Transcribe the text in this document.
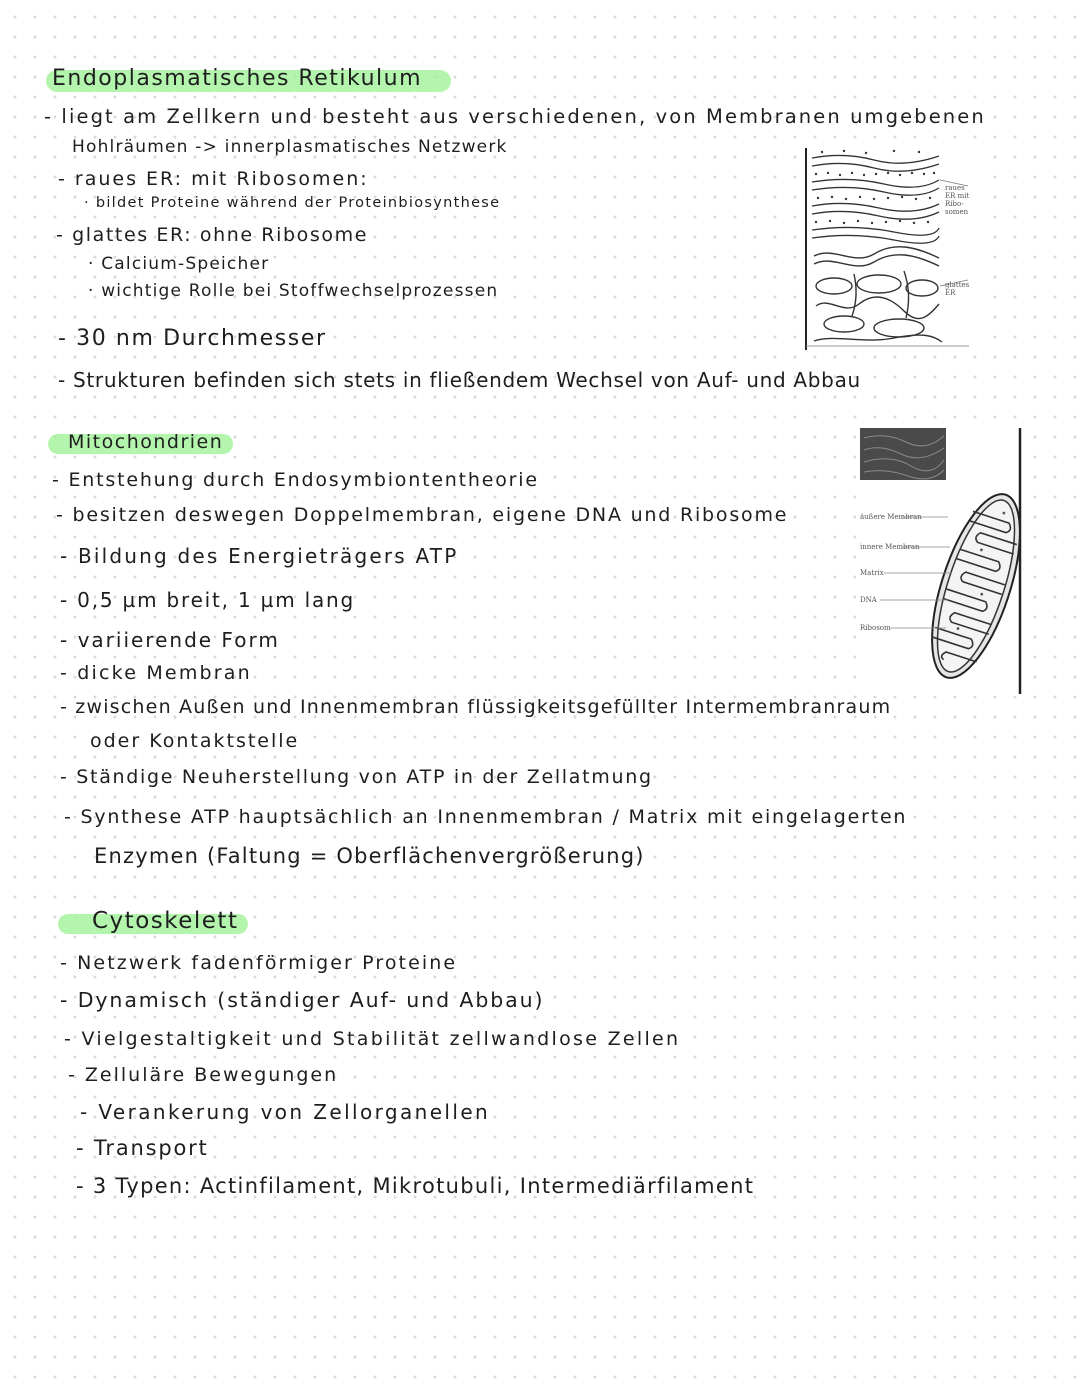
Endoplasmatisches Retikulum
- liegt am Zellkern und besteht aus verschiedenen, von Membranen umgebenen
Hohlräumen -> innerplasmatisches Netzwerk
- raues ER: mit Ribosomen:
· bildet Proteine während der Proteinbiosynthese
- glattes ER: ohne Ribosome
· Calcium-Speicher
· wichtige Rolle bei Stoffwechselprozessen
- 30 nm Durchmesser
- Strukturen befinden sich stets in fließendem Wechsel von Auf- und Abbau
raues
ER mit
Ribo-
somen
glattes
ER
Mitochondrien
- Entstehung durch Endosymbiontentheorie
- besitzen deswegen Doppelmembran, eigene DNA und Ribosome
- Bildung des Energieträgers ATP
- 0,5 µm breit, 1 µm lang
- variierende Form
- dicke Membran
- zwischen Außen und Innenmembran flüssigkeitsgefüllter Intermembranraum
oder Kontaktstelle
- Ständige Neuherstellung von ATP in der Zellatmung
- Synthese ATP hauptsächlich an Innenmembran / Matrix mit eingelagerten
Enzymen (Faltung = Oberflächenvergrößerung)
äußere Membran
innere Membran
Matrix
DNA
Ribosom
Cytoskelett
- Netzwerk fadenförmiger Proteine
- Dynamisch (ständiger Auf- und Abbau)
- Vielgestaltigkeit und Stabilität zellwandlose Zellen
- Zelluläre Bewegungen
- Verankerung von Zellorganellen
- Transport
- 3 Typen: Actinfilament, Mikrotubuli, Intermediärfilament
